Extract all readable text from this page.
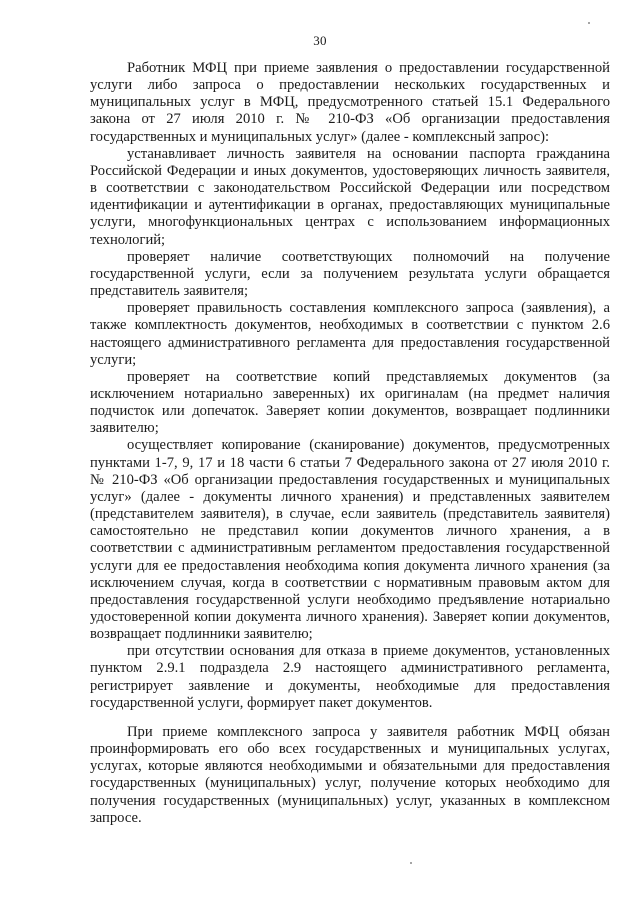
30

Работник МФЦ при приеме заявления о предоставлении государственной услуги либо запроса о предоставлении нескольких государственных и муниципальных услуг в МФЦ, предусмотренного статьей 15.1 Федерального закона от 27 июля 2010 г. № 210-ФЗ «Об организации предоставления государственных и муниципальных услуг» (далее - комплексный запрос):

устанавливает личность заявителя на основании паспорта гражданина Российской Федерации и иных документов, удостоверяющих личность заявителя, в соответствии с законодательством Российской Федерации или посредством идентификации и аутентификации в органах, предоставляющих муниципальные услуги, многофункциональных центрах с использованием информационных технологий;

проверяет наличие соответствующих полномочий на получение государственной услуги, если за получением результата услуги обращается представитель заявителя;

проверяет правильность составления комплексного запроса (заявления), а также комплектность документов, необходимых в соответствии с пунктом 2.6 настоящего административного регламента для предоставления государственной услуги;

проверяет на соответствие копий представляемых документов (за исключением нотариально заверенных) их оригиналам (на предмет наличия подчисток или допечаток. Заверяет копии документов, возвращает подлинники заявителю;

осуществляет копирование (сканирование) документов, предусмотренных пунктами 1-7, 9, 17 и 18 части 6 статьи 7 Федерального закона от 27 июля 2010 г. № 210-ФЗ «Об организации предоставления государственных и муниципальных услуг» (далее - документы личного хранения) и представленных заявителем (представителем заявителя), в случае, если заявитель (представитель заявителя) самостоятельно не представил копии документов личного хранения, а в соответствии с административным регламентом предоставления государственной услуги для ее предоставления необходима копия документа личного хранения (за исключением случая, когда в соответствии с нормативным правовым актом для предоставления государственной услуги необходимо предъявление нотариально удостоверенной копии документа личного хранения). Заверяет копии документов, возвращает подлинники заявителю;

при отсутствии основания для отказа в приеме документов, установленных пунктом 2.9.1 подраздела 2.9 настоящего административного регламента, регистрирует заявление и документы, необходимые для предоставления государственной услуги, формирует пакет документов.

При приеме комплексного запроса у заявителя работник МФЦ обязан проинформировать его обо всех государственных и муниципальных услугах, услугах, которые являются необходимыми и обязательными для предоставления государственных (муниципальных) услуг, получение которых необходимо для получения государственных (муниципальных) услуг, указанных в комплексном запросе.
